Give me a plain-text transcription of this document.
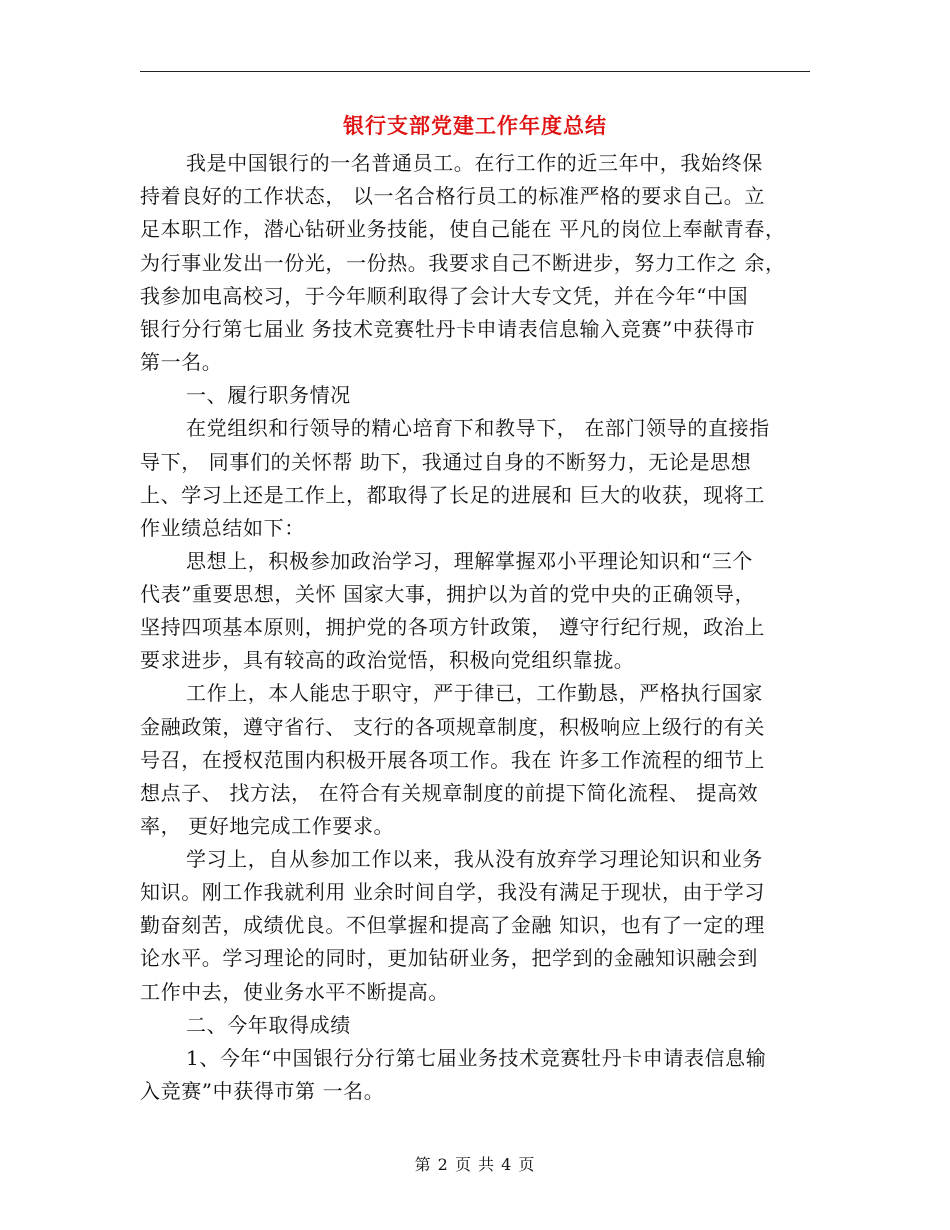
银行支部党建工作年度总结
我是中国银行的一名普通员工。在行工作的近三年中，我始终保
持着良好的工作状态， 以一名合格行员工的标准严格的要求自己。立
足本职工作，潜心钻研业务技能，使自己能在 平凡的岗位上奉献青春，
为行事业发出一份光，一份热。我要求自己不断进步，努力工作之 余，
我参加电高校习，于今年顺利取得了会计大专文凭，并在今年“中国
银行分行第七届业 务技术竞赛牡丹卡申请表信息输入竞赛”中获得市
第一名。
一、履行职务情况
在党组织和行领导的精心培育下和教导下， 在部门领导的直接指
导下， 同事们的关怀帮 助下，我通过自身的不断努力，无论是思想
上、学习上还是工作上，都取得了长足的进展和 巨大的收获，现将工
作业绩总结如下：
思想上，积极参加政治学习，理解掌握邓小平理论知识和“三个
代表”重要思想，关怀 国家大事，拥护以为首的党中央的正确领导，
坚持四项基本原则，拥护党的各项方针政策， 遵守行纪行规，政治上
要求进步，具有较高的政治觉悟，积极向党组织靠拢。
工作上，本人能忠于职守，严于律已，工作勤恳，严格执行国家
金融政策，遵守省行、 支行的各项规章制度，积极响应上级行的有关
号召，在授权范围内积极开展各项工作。我在 许多工作流程的细节上
想点子、 找方法， 在符合有关规章制度的前提下简化流程、 提高效
率， 更好地完成工作要求。
学习上，自从参加工作以来，我从没有放弃学习理论知识和业务
知识。刚工作我就利用 业余时间自学，我没有满足于现状，由于学习
勤奋刻苦，成绩优良。不但掌握和提高了金融 知识，也有了一定的理
论水平。学习理论的同时，更加钻研业务，把学到的金融知识融会到
工作中去，使业务水平不断提高。
二、今年取得成绩
1、今年“中国银行分行第七届业务技术竞赛牡丹卡申请表信息输
入竞赛”中获得市第 一名。
第 2 页 共 4 页
